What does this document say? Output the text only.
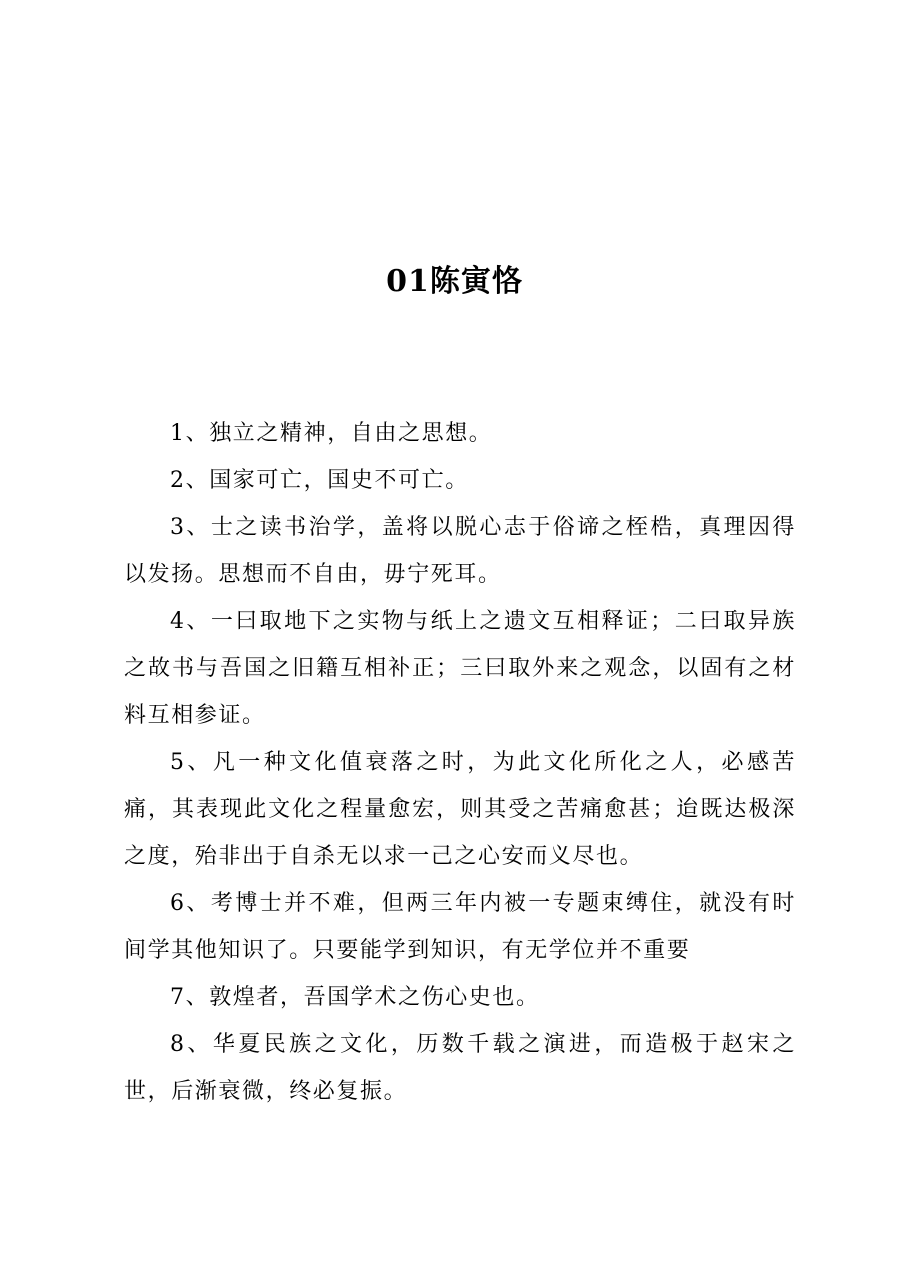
01陈寅恪

1、独立之精神，自由之思想。

2、国家可亡，国史不可亡。

3、士之读书治学，盖将以脱心志于俗谛之桎梏，真理因得以发扬。思想而不自由，毋宁死耳。

4、一曰取地下之实物与纸上之遗文互相释证；二曰取异族之故书与吾国之旧籍互相补正；三曰取外来之观念，以固有之材料互相参证。

5、凡一种文化值衰落之时，为此文化所化之人，必感苦痛，其表现此文化之程量愈宏，则其受之苦痛愈甚；迨既达极深之度，殆非出于自杀无以求一己之心安而义尽也。

6、考博士并不难，但两三年内被一专题束缚住，就没有时间学其他知识了。只要能学到知识，有无学位并不重要

7、敦煌者，吾国学术之伤心史也。

8、华夏民族之文化，历数千载之演进，而造极于赵宋之世，后渐衰微，终必复振。
